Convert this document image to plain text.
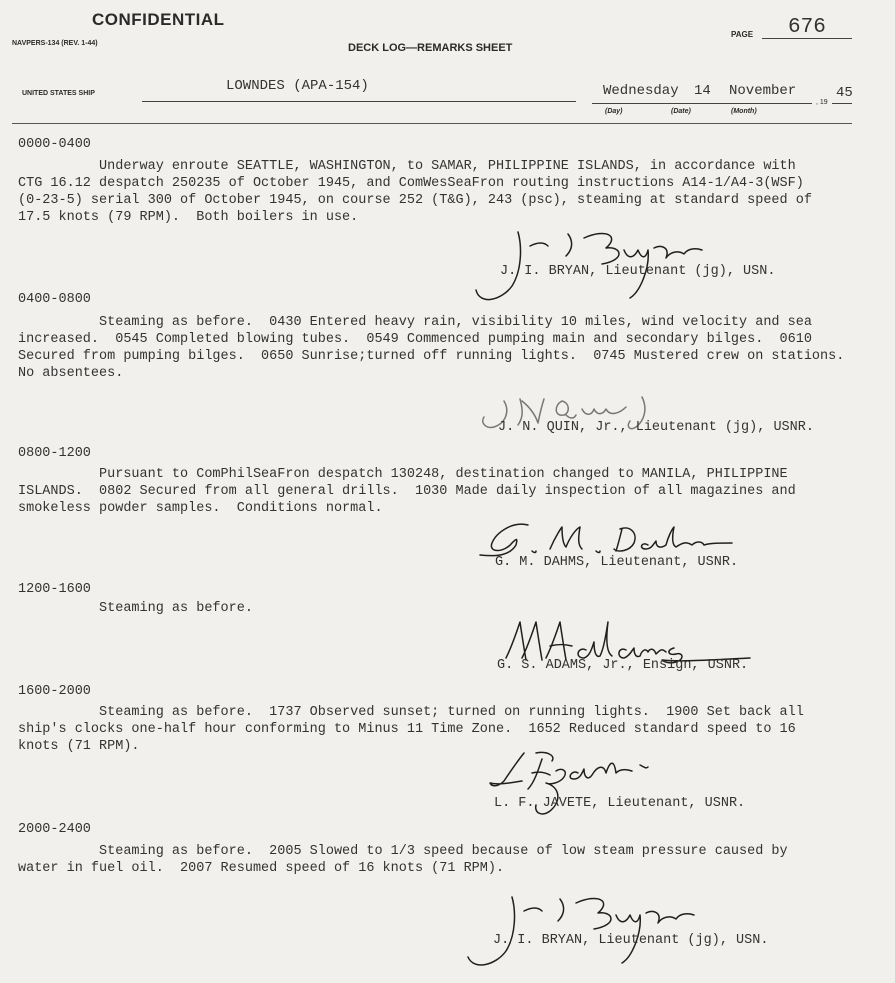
CONFIDENTIAL
NAVPERS-134 (REV. 1-44)	DECK LOG—REMARKS SHEET
PAGE 676
UNITED STATES SHIP	LOWNDES (APA-154)	Wednesday 14 November
, 19
45
(Day)	(Date)	(Month)
0000-0400
Underway enroute SEATTLE, WASHINGTON, to SAMAR, PHILIPPINE ISLANDS, in accordance with
CTG 16.12 despatch 250235 of October 1945, and ComWesSeaFron routing instructions A14-1/A4-3(WSF)
(0-23-5) serial 300 of October 1945, on course 252 (T&G), 243 (psc), steaming at standard speed of
17.5 knots (79 RPM).  Both boilers in use.
J. I. BRYAN, Lieutenant (jg), USN.
0400-0800
Steaming as before.  0430 Entered heavy rain, visibility 10 miles, wind velocity and sea
increased.  0545 Completed blowing tubes.  0549 Commenced pumping main and secondary bilges.  0610
Secured from pumping bilges.  0650 Sunrise;turned off running lights.  0745 Mustered crew on stations.
No absentees.
J. N. QUIN, Jr., Lieutenant (jg), USNR.
0800-1200
Pursuant to ComPhilSeaFron despatch 130248, destination changed to MANILA, PHILIPPINE
ISLANDS.  0802 Secured from all general drills.  1030 Made daily inspection of all magazines and
smokeless powder samples.  Conditions normal.
G. M. DAHMS, Lieutenant, USNR.
1200-1600
Steaming as before.
G. S. ADAMS, Jr., Ensign, USNR.
1600-2000
Steaming as before.  1737 Observed sunset; turned on running lights.  1900 Set back all
ship's clocks one-half hour conforming to Minus 11 Time Zone.  1652 Reduced standard speed to 16
knots (71 RPM).
L. F. JAVETE, Lieutenant, USNR.
2000-2400
Steaming as before.  2005 Slowed to 1/3 speed because of low steam pressure caused by
water in fuel oil.  2007 Resumed speed of 16 knots (71 RPM).
J. I. BRYAN, Lieutenant (jg), USN.
